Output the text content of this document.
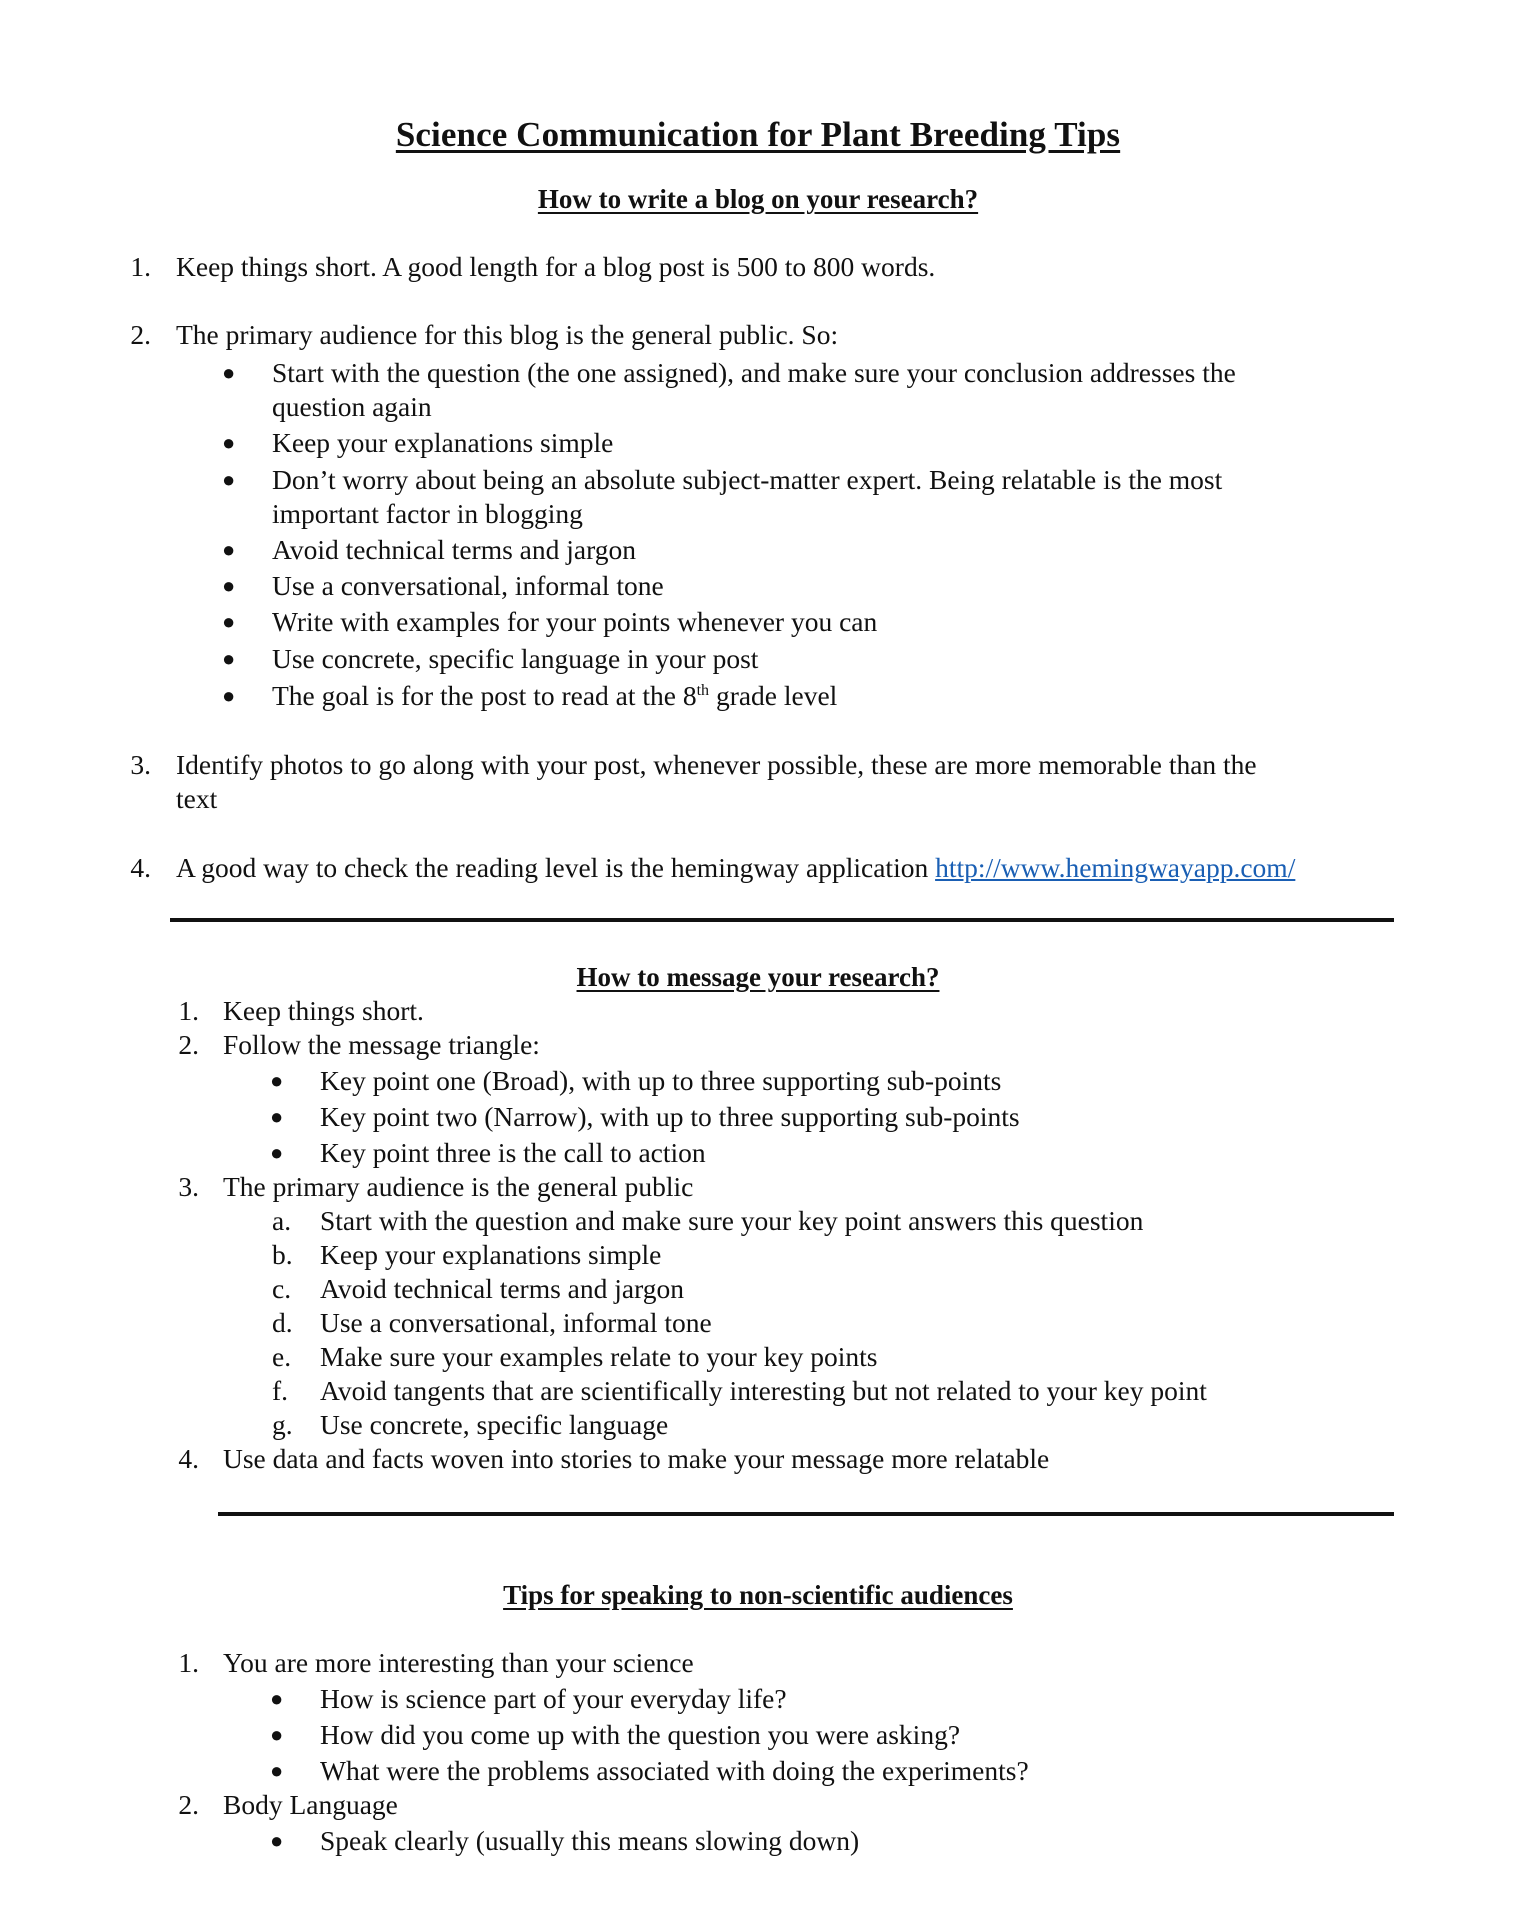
Science Communication for Plant Breeding Tips
How to write a blog on your research?
1. Keep things short. A good length for a blog post is 500 to 800 words.
2. The primary audience for this blog is the general public. So:
●
Start with the question (the one assigned), and make sure your conclusion addresses the
question again
●
Keep your explanations simple
●
Don’t worry about being an absolute subject-matter expert. Being relatable is the most
important factor in blogging
●
Avoid technical terms and jargon
●
Use a conversational, informal tone
●
Write with examples for your points whenever you can
●
Use concrete, specific language in your post
●
The goal is for the post to read at the 8th grade level
3. Identify photos to go along with your post, whenever possible, these are more memorable than the
text
4. A good way to check the reading level is the hemingway application http://www.hemingwayapp.com/
How to message your research?
1. Keep things short.
2. Follow the message triangle:
●
Key point one (Broad), with up to three supporting sub-points
●
Key point two (Narrow), with up to three supporting sub-points
●
Key point three is the call to action
3. The primary audience is the general public
a. Start with the question and make sure your key point answers this question
b. Keep your explanations simple
c. Avoid technical terms and jargon
d. Use a conversational, informal tone
e. Make sure your examples relate to your key points
f. Avoid tangents that are scientifically interesting but not related to your key point
g. Use concrete, specific language
4. Use data and facts woven into stories to make your message more relatable
Tips for speaking to non-scientific audiences
1. You are more interesting than your science
●
How is science part of your everyday life?
●
How did you come up with the question you were asking?
●
What were the problems associated with doing the experiments?
2. Body Language
●
Speak clearly (usually this means slowing down)
